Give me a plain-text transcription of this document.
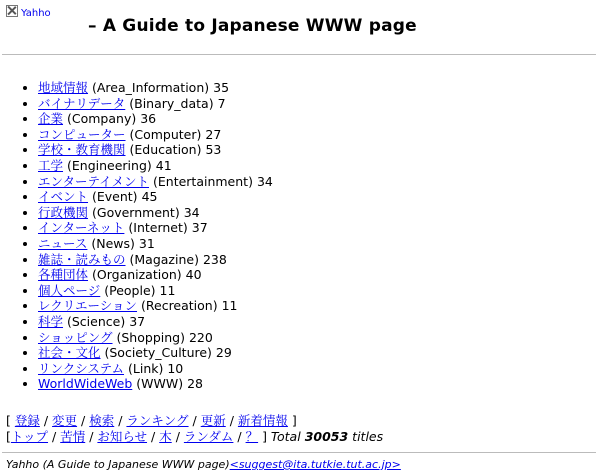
Yahho
– A Guide to Japanese WWW page
• 地域情報 (Area_Information) 35
• バイナリデータ (Binary_data) 7
• 企業 (Company) 36
• コンピューター (Computer) 27
• 学校・教育機関 (Education) 53
• 工学 (Engineering) 41
• エンターテイメント (Entertainment) 34
• イベント (Event) 45
• 行政機関 (Government) 34
• インターネット (Internet) 37
• ニュース (News) 31
• 雑誌・読みもの (Magazine) 238
• 各種団体 (Organization) 40
• 個人ページ (People) 11
• レクリエーション (Recreation) 11
• 科学 (Science) 37
• ショッピング (Shopping) 220
• 社会・文化 (Society_Culture) 29
• リンクシステム (Link) 10
• WorldWideWeb (WWW) 28
[ 登録 / 変更 / 検索 / ランキング / 更新 / 新着情報 ]
[トップ / 苦情 / お知らせ / 木 / ランダム / ？ ] Total 30053 titles
Yahho (A Guide to Japanese WWW page)<suggest@ita.tutkie.tut.ac.jp>
